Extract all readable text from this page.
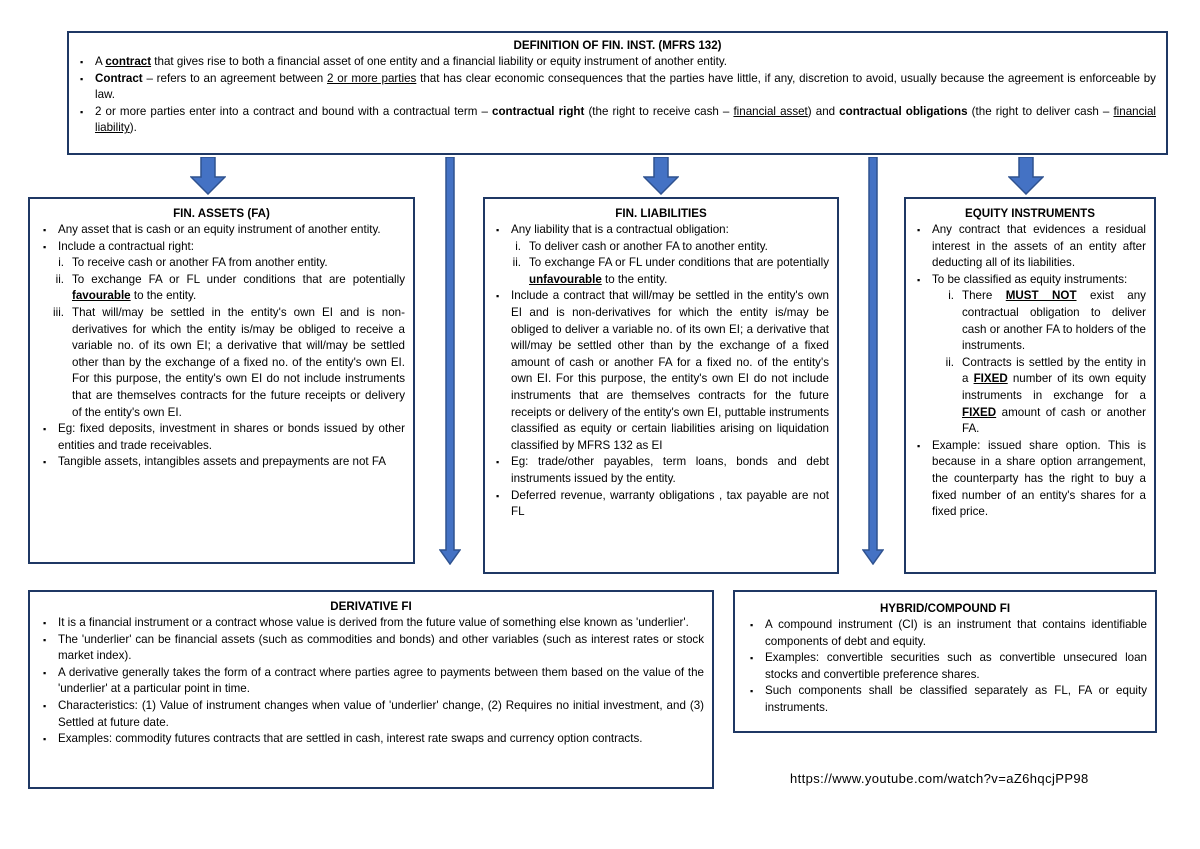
DEFINITION OF FIN. INST. (MFRS 132)
▪ A contract that gives rise to both a financial asset of one entity and a financial liability or equity instrument of another entity.
▪ Contract – refers to an agreement between 2 or more parties that has clear economic consequences that the parties have little, if any, discretion to avoid, usually because the agreement is enforceable by law.
▪ 2 or more parties enter into a contract and bound with a contractual term – contractual right (the right to receive cash – financial asset) and contractual obligations (the right to deliver cash – financial liability).
FIN. ASSETS (FA)
▪ Any asset that is cash or an equity instrument of another entity.
▪ Include a contractual right:
i. To receive cash or another FA from another entity.
ii. To exchange FA or FL under conditions that are potentially favourable to the entity.
iii. That will/may be settled in the entity's own EI and is non-derivatives for which the entity is/may be obliged to receive a variable no. of its own EI; a derivative that will/may be settled other than by the exchange of a fixed no. of the entity's own EI. For this purpose, the entity's own EI do not include instruments that are themselves contracts for the future receipts or delivery of the entity's own EI.
▪ Eg: fixed deposits, investment in shares or bonds issued by other entities and trade receivables.
▪ Tangible assets, intangibles assets and prepayments are not FA
FIN. LIABILITIES
▪ Any liability that is a contractual obligation:
i. To deliver cash or another FA to another entity.
ii. To exchange FA or FL under conditions that are potentially unfavourable to the entity.
▪ Include a contract that will/may be settled in the entity's own EI and is non-derivatives for which the entity is/may be obliged to deliver a variable no. of its own EI; a derivative that will/may be settled other than by the exchange of a fixed amount of cash or another FA for a fixed no. of the entity's own EI. For this purpose, the entity's own EI do not include instruments that are themselves contracts for the future receipts or delivery of the entity's own EI, puttable instruments classified as equity or certain liabilities arising on liquidation classified by MFRS 132 as EI
▪ Eg: trade/other payables, term loans, bonds and debt instruments issued by the entity.
▪ Deferred revenue, warranty obligations , tax payable are not FL
EQUITY INSTRUMENTS
▪ Any contract that evidences a residual interest in the assets of an entity after deducting all of its liabilities.
▪ To be classified as equity instruments:
i. There MUST NOT exist any contractual obligation to deliver cash or another FA to holders of the instruments.
ii. Contracts is settled by the entity in a FIXED number of its own equity instruments in exchange for a FIXED amount of cash or another FA.
▪ Example: issued share option. This is because in a share option arrangement, the counterparty has the right to buy a fixed number of an entity's shares for a fixed price.
DERIVATIVE FI
▪ It is a financial instrument or a contract whose value is derived from the future value of something else known as 'underlier'.
▪ The 'underlier' can be financial assets (such as commodities and bonds) and other variables (such as interest rates or stock market index).
▪ A derivative generally takes the form of a contract where parties agree to payments between them based on the value of the 'underlier' at a particular point in time.
▪ Characteristics: (1) Value of instrument changes when value of 'underlier' change, (2) Requires no initial investment, and (3) Settled at future date.
▪ Examples: commodity futures contracts that are settled in cash, interest rate swaps and currency option contracts.
HYBRID/COMPOUND FI
▪ A compound instrument (CI) is an instrument that contains identifiable components of debt and equity.
▪ Examples: convertible securities such as convertible unsecured loan stocks and convertible preference shares.
▪ Such components shall be classified separately as FL, FA or equity instruments.
https://www.youtube.com/watch?v=aZ6hqcjPP98
